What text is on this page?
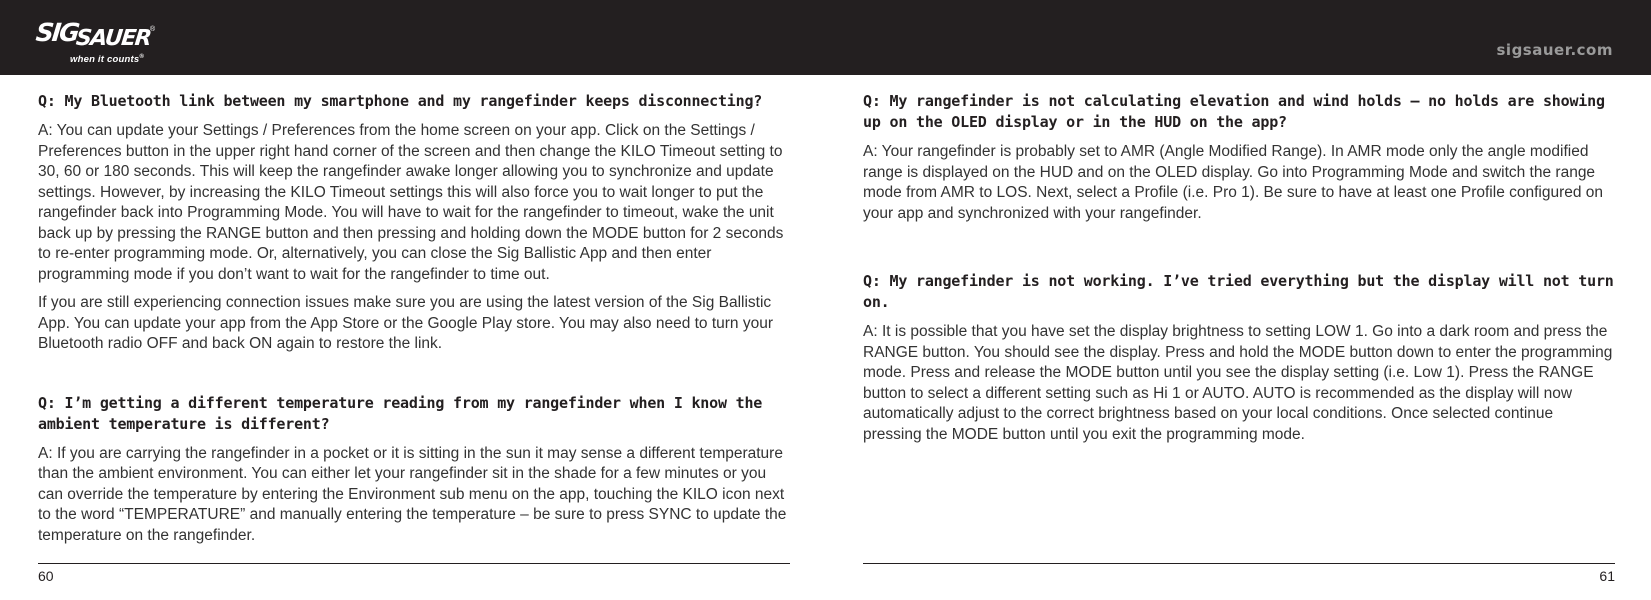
SIG
SAUER
®
when it counts®	sigsauer.com

Q: My Bluetooth link between my smartphone and my rangefinder keeps disconnecting?

A: You can update your Settings / Preferences from the home screen on your app. Click on the Settings / Preferences button in the upper right hand corner of the screen and then change the KILO Timeout setting to 30, 60 or 180 seconds. This will keep the rangefinder awake longer allowing you to synchronize and update settings. However, by increasing the KILO Timeout settings this will also force you to wait longer to put the rangefinder back into Programming Mode. You will have to wait for the rangefinder to timeout, wake the unit back up by pressing the RANGE button and then pressing and holding down the MODE button for 2 seconds to re-enter programming mode. Or, alternatively, you can close the Sig Ballistic App and then enter programming mode if you don’t want to wait for the rangefinder to time out.

If you are still experiencing connection issues make sure you are using the latest version of the Sig Ballistic App. You can update your app from the App Store or the Google Play store. You may also need to turn your Bluetooth radio OFF and back ON again to restore the link.

Q: I’m getting a different temperature reading from my rangefinder when I know the ambient temperature is different?

A: If you are carrying the rangefinder in a pocket or it is sitting in the sun it may sense a different temperature than the ambient environment. You can either let your rangefinder sit in the shade for a few minutes or you can override the temperature by entering the Environment sub menu on the app, touching the KILO icon next to the word “TEMPERATURE” and manually entering the temperature – be sure to press SYNC to update the temperature on the rangefinder.

Q: My rangefinder is not calculating elevation and wind holds – no holds are showing up on the OLED display or in the HUD on the app?

A: Your rangefinder is probably set to AMR (Angle Modified Range). In AMR mode only the angle modified range is displayed on the HUD and on the OLED display. Go into Programming Mode and switch the range mode from AMR to LOS. Next, select a Profile (i.e. Pro 1). Be sure to have at least one Profile configured on your app and synchronized with your rangefinder.

Q: My rangefinder is not working. I’ve tried everything but the display will not turn on.

A: It is possible that you have set the display brightness to setting LOW 1. Go into a dark room and press the RANGE button. You should see the display. Press and hold the MODE button down to enter the programming mode. Press and release the MODE button until you see the display setting (i.e. Low 1). Press the RANGE button to select a different setting such as Hi 1 or AUTO. AUTO is recommended as the display will now automatically adjust to the correct brightness based on your local conditions. Once selected continue pressing the MODE button until you exit the programming mode.

60	61
